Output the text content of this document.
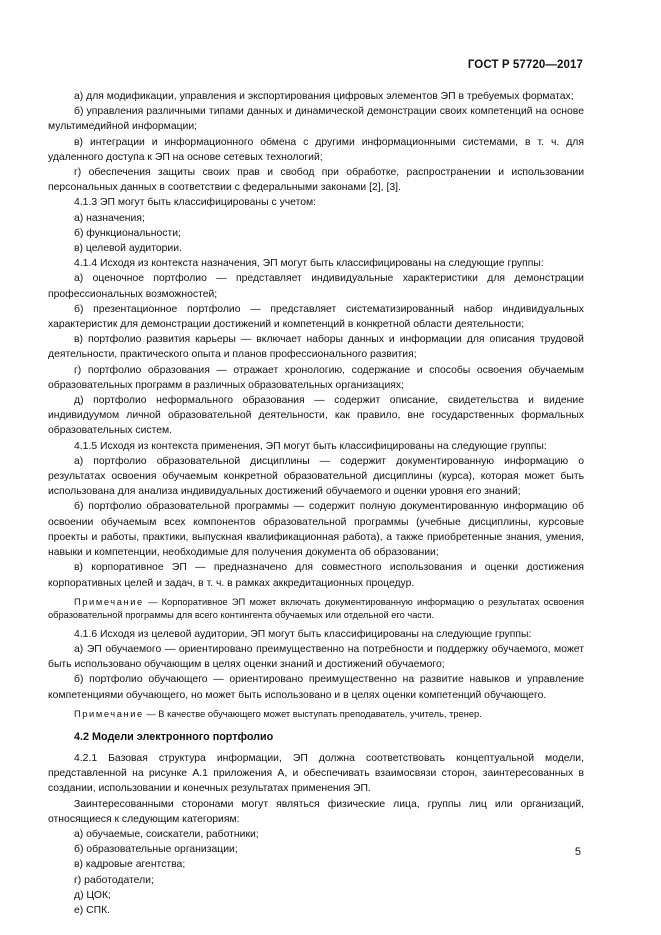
ГОСТ Р 57720—2017

а) для модификации, управления и экспортирования цифровых элементов ЭП в требуемых форматах;

б) управления различными типами данных и динамической демонстрации своих компетенций на основе мультимедийной информации;

в) интеграции и информационного обмена с другими информационными системами, в т. ч. для удаленного доступа к ЭП на основе сетевых технологий;

г) обеспечения защиты своих прав и свобод при обработке, распространении и использовании персональных данных в соответствии с федеральными законами [2], [3].

4.1.3 ЭП могут быть классифицированы с учетом:

а) назначения;

б) функциональности;

в) целевой аудитории.

4.1.4 Исходя из контекста назначения, ЭП могут быть классифицированы на следующие группы:

а) оценочное портфолио — представляет индивидуальные характеристики для демонстрации профессиональных возможностей;

б) презентационное портфолио — представляет систематизированный набор индивидуальных характеристик для демонстрации достижений и компетенций в конкретной области деятельности;

в) портфолио развития карьеры — включает наборы данных и информации для описания трудовой деятельности, практического опыта и планов профессионального развития;

г) портфолио образования — отражает хронологию, содержание и способы освоения обучаемым образовательных программ в различных образовательных организациях;

д) портфолио неформального образования — содержит описание, свидетельства и видение индивидуумом личной образовательной деятельности, как правило, вне государственных формальных образовательных систем.

4.1.5 Исходя из контекста применения, ЭП могут быть классифицированы на следующие группы:

а) портфолио образовательной дисциплины — содержит документированную информацию о результатах освоения обучаемым конкретной образовательной дисциплины (курса), которая может быть использована для анализа индивидуальных достижений обучаемого и оценки уровня его знаний;

б) портфолио образовательной программы — содержит полную документированную информацию об освоении обучаемым всех компонентов образовательной программы (учебные дисциплины, курсовые проекты и работы, практики, выпускная квалификационная работа), а также приобретенные знания, умения, навыки и компетенции, необходимые для получения документа об образовании;

в) корпоративное ЭП — предназначено для совместного использования и оценки достижения корпоративных целей и задач, в т. ч. в рамках аккредитационных процедур.

Примечание — Корпоративное ЭП может включать документированную информацию о результатах освоения образовательной программы для всего контингента обучаемых или отдельной его части.

4.1.6 Исходя из целевой аудитории, ЭП могут быть классифицированы на следующие группы:

а) ЭП обучаемого — ориентировано преимущественно на потребности и поддержку обучаемого, может быть использовано обучающим в целях оценки знаний и достижений обучаемого;

б) портфолио обучающего — ориентировано преимущественно на развитие навыков и управление компетенциями обучающего, но может быть использовано и в целях оценки компетенций обучающего.

Примечание — В качестве обучающего может выступать преподаватель, учитель, тренер.

4.2 Модели электронного портфолио

4.2.1 Базовая структура информации, ЭП должна соответствовать концептуальной модели, представленной на рисунке А.1 приложения А, и обеспечивать взаимосвязи сторон, заинтересованных в создании, использовании и конечных результатах применения ЭП.

Заинтересованными сторонами могут являться физические лица, группы лиц или организаций, относящиеся к следующим категориям:

а) обучаемые, соискатели, работники;

б) образовательные организации;

в) кадровые агентства;

г) работодатели;

д) ЦОК;

е) СПК.

5
